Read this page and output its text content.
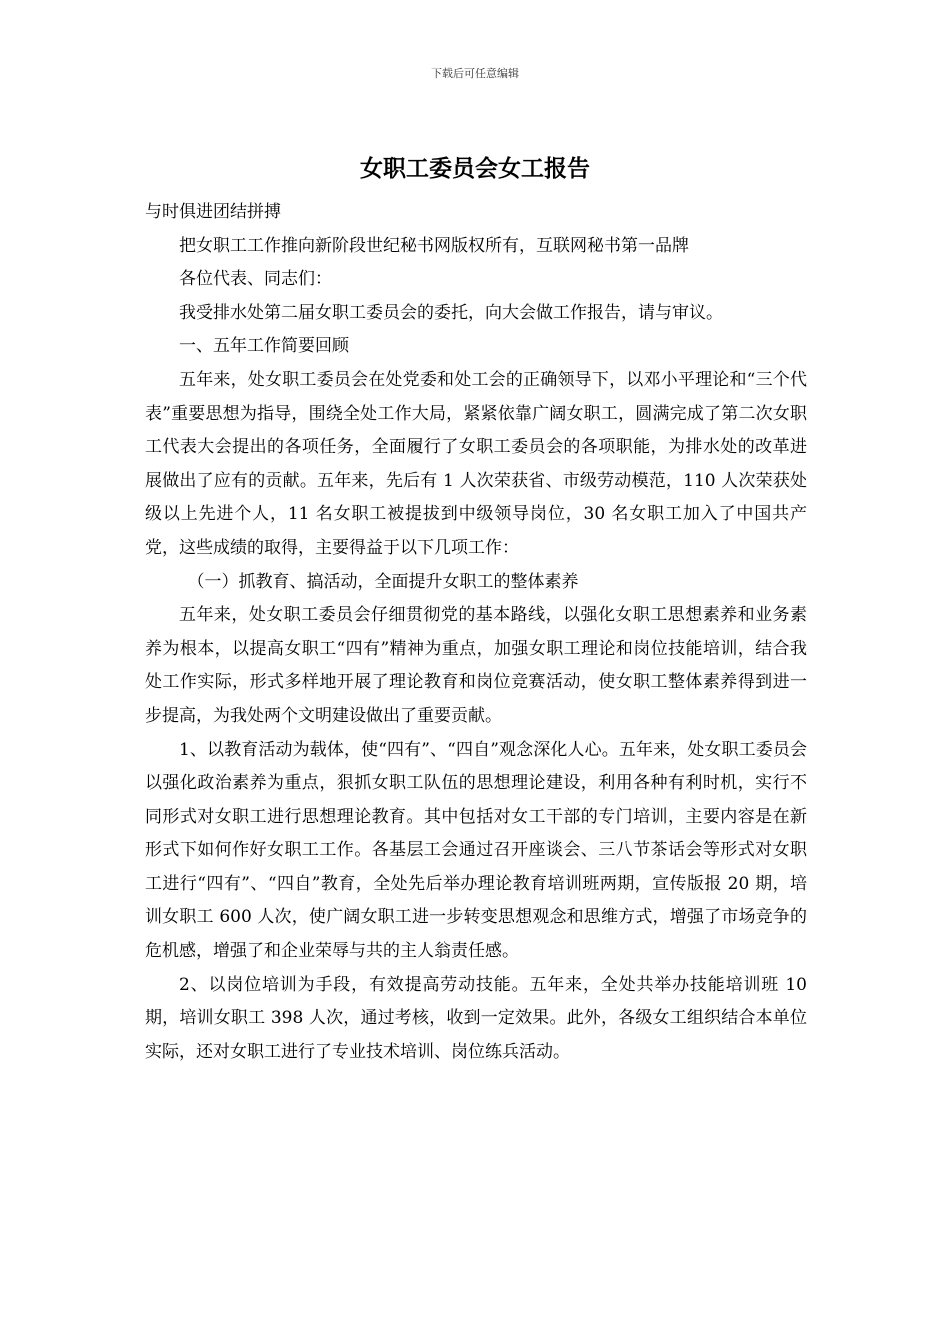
下载后可任意编辑
女职工委员会女工报告

与时俱进团结拼搏

把女职工工作推向新阶段世纪秘书网版权所有，互联网秘书第一品牌

各位代表、同志们：

我受排水处第二届女职工委员会的委托，向大会做工作报告，请与审议。

一、五年工作简要回顾

五年来，处女职工委员会在处党委和处工会的正确领导下，以邓小平理论和“三个代表”重要思想为指导，围绕全处工作大局，紧紧依靠广阔女职工，圆满完成了第二次女职工代表大会提出的各项任务，全面履行了女职工委员会的各项职能，为排水处的改革进展做出了应有的贡献。五年来，先后有 1 人次荣获省、市级劳动模范，110 人次荣获处级以上先进个人，11 名女职工被提拔到中级领导岗位，30 名女职工加入了中国共产党，这些成绩的取得，主要得益于以下几项工作：

（一）抓教育、搞活动，全面提升女职工的整体素养

五年来，处女职工委员会仔细贯彻党的基本路线，以强化女职工思想素养和业务素养为根本，以提高女职工“四有”精神为重点，加强女职工理论和岗位技能培训，结合我处工作实际，形式多样地开展了理论教育和岗位竞赛活动，使女职工整体素养得到进一步提高，为我处两个文明建设做出了重要贡献。

1、以教育活动为载体，使“四有”、“四自”观念深化人心。五年来，处女职工委员会以强化政治素养为重点，狠抓女职工队伍的思想理论建设，利用各种有利时机，实行不同形式对女职工进行思想理论教育。其中包括对女工干部的专门培训，主要内容是在新形式下如何作好女职工工作。各基层工会通过召开座谈会、三八节茶话会等形式对女职工进行“四有”、“四自”教育，全处先后举办理论教育培训班两期，宣传版报 20 期，培训女职工 600 人次，使广阔女职工进一步转变思想观念和思维方式，增强了市场竞争的危机感，增强了和企业荣辱与共的主人翁责任感。

2、以岗位培训为手段，有效提高劳动技能。五年来，全处共举办技能培训班 10 期，培训女职工 398 人次，通过考核，收到一定效果。此外，各级女工组织结合本单位实际，还对女职工进行了专业技术培训、岗位练兵活动。
